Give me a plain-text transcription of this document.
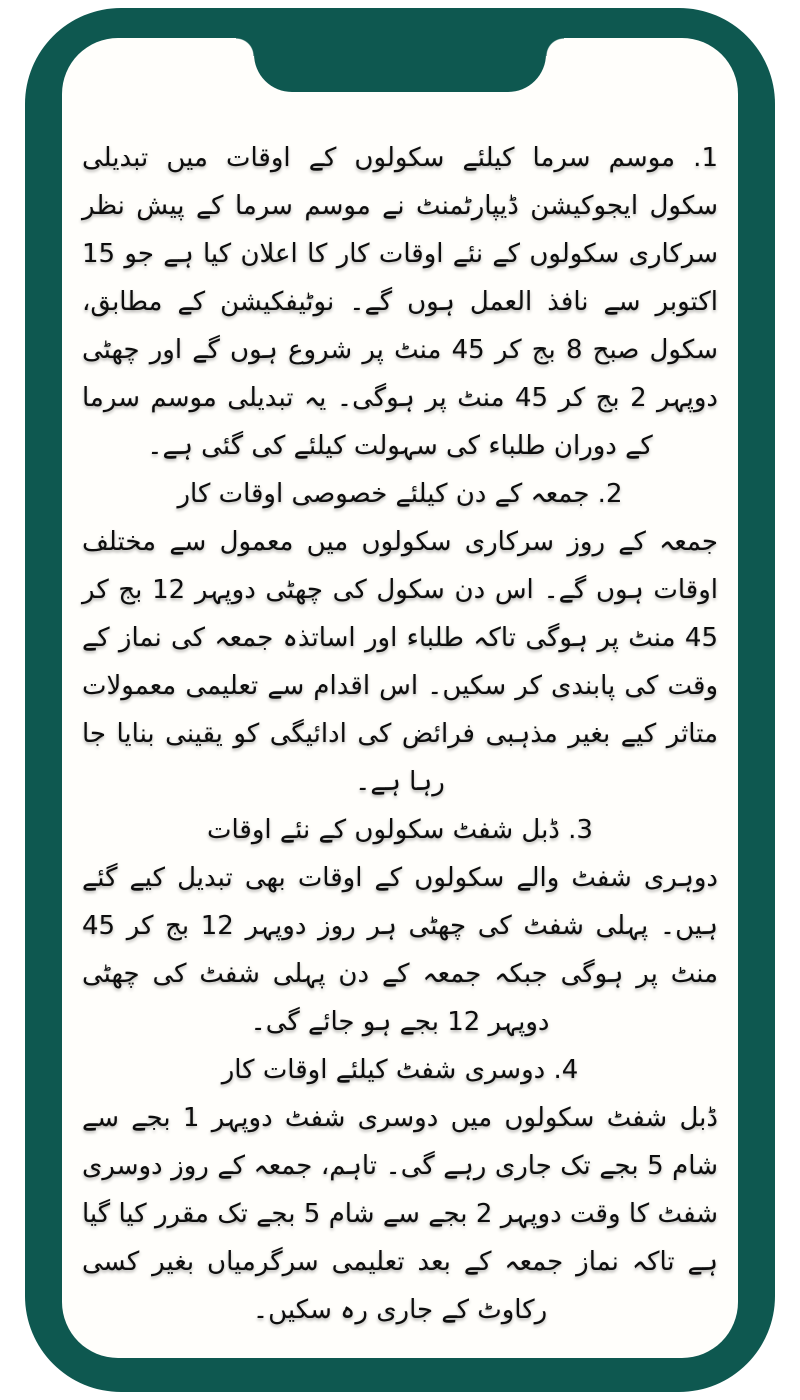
1. موسم سرما کیلئے سکولوں کے اوقات میں تبدیلی

سکول ایجوکیشن ڈیپارٹمنٹ نے موسم سرما کے پیش نظر سرکاری سکولوں کے نئے اوقات کار کا اعلان کیا ہے جو 15 اکتوبر سے نافذ العمل ہوں گے۔ نوٹیفکیشن کے مطابق، سکول صبح 8 بج کر 45 منٹ پر شروع ہوں گے اور چھٹی دوپہر 2 بج کر 45 منٹ پر ہوگی۔ یہ تبدیلی موسم سرما کے دوران طلباء کی سہولت کیلئے کی گئی ہے۔

2. جمعہ کے دن کیلئے خصوصی اوقات کار

جمعہ کے روز سرکاری سکولوں میں معمول سے مختلف اوقات ہوں گے۔ اس دن سکول کی چھٹی دوپہر 12 بج کر 45 منٹ پر ہوگی تاکہ طلباء اور اساتذہ جمعہ کی نماز کے وقت کی پابندی کر سکیں۔ اس اقدام سے تعلیمی معمولات متاثر کیے بغیر مذہبی فرائض کی ادائیگی کو یقینی بنایا جا رہا ہے۔

3. ڈبل شفٹ سکولوں کے نئے اوقات

دوہری شفٹ والے سکولوں کے اوقات بھی تبدیل کیے گئے ہیں۔ پہلی شفٹ کی چھٹی ہر روز دوپہر 12 بج کر 45 منٹ پر ہوگی جبکہ جمعہ کے دن پہلی شفٹ کی چھٹی دوپہر 12 بجے ہو جائے گی۔

4. دوسری شفٹ کیلئے اوقات کار

ڈبل شفٹ سکولوں میں دوسری شفٹ دوپہر 1 بجے سے شام 5 بجے تک جاری رہے گی۔ تاہم، جمعہ کے روز دوسری شفٹ کا وقت دوپہر 2 بجے سے شام 5 بجے تک مقرر کیا گیا ہے تاکہ نماز جمعہ کے بعد تعلیمی سرگرمیاں بغیر کسی رکاوٹ کے جاری رہ سکیں۔
